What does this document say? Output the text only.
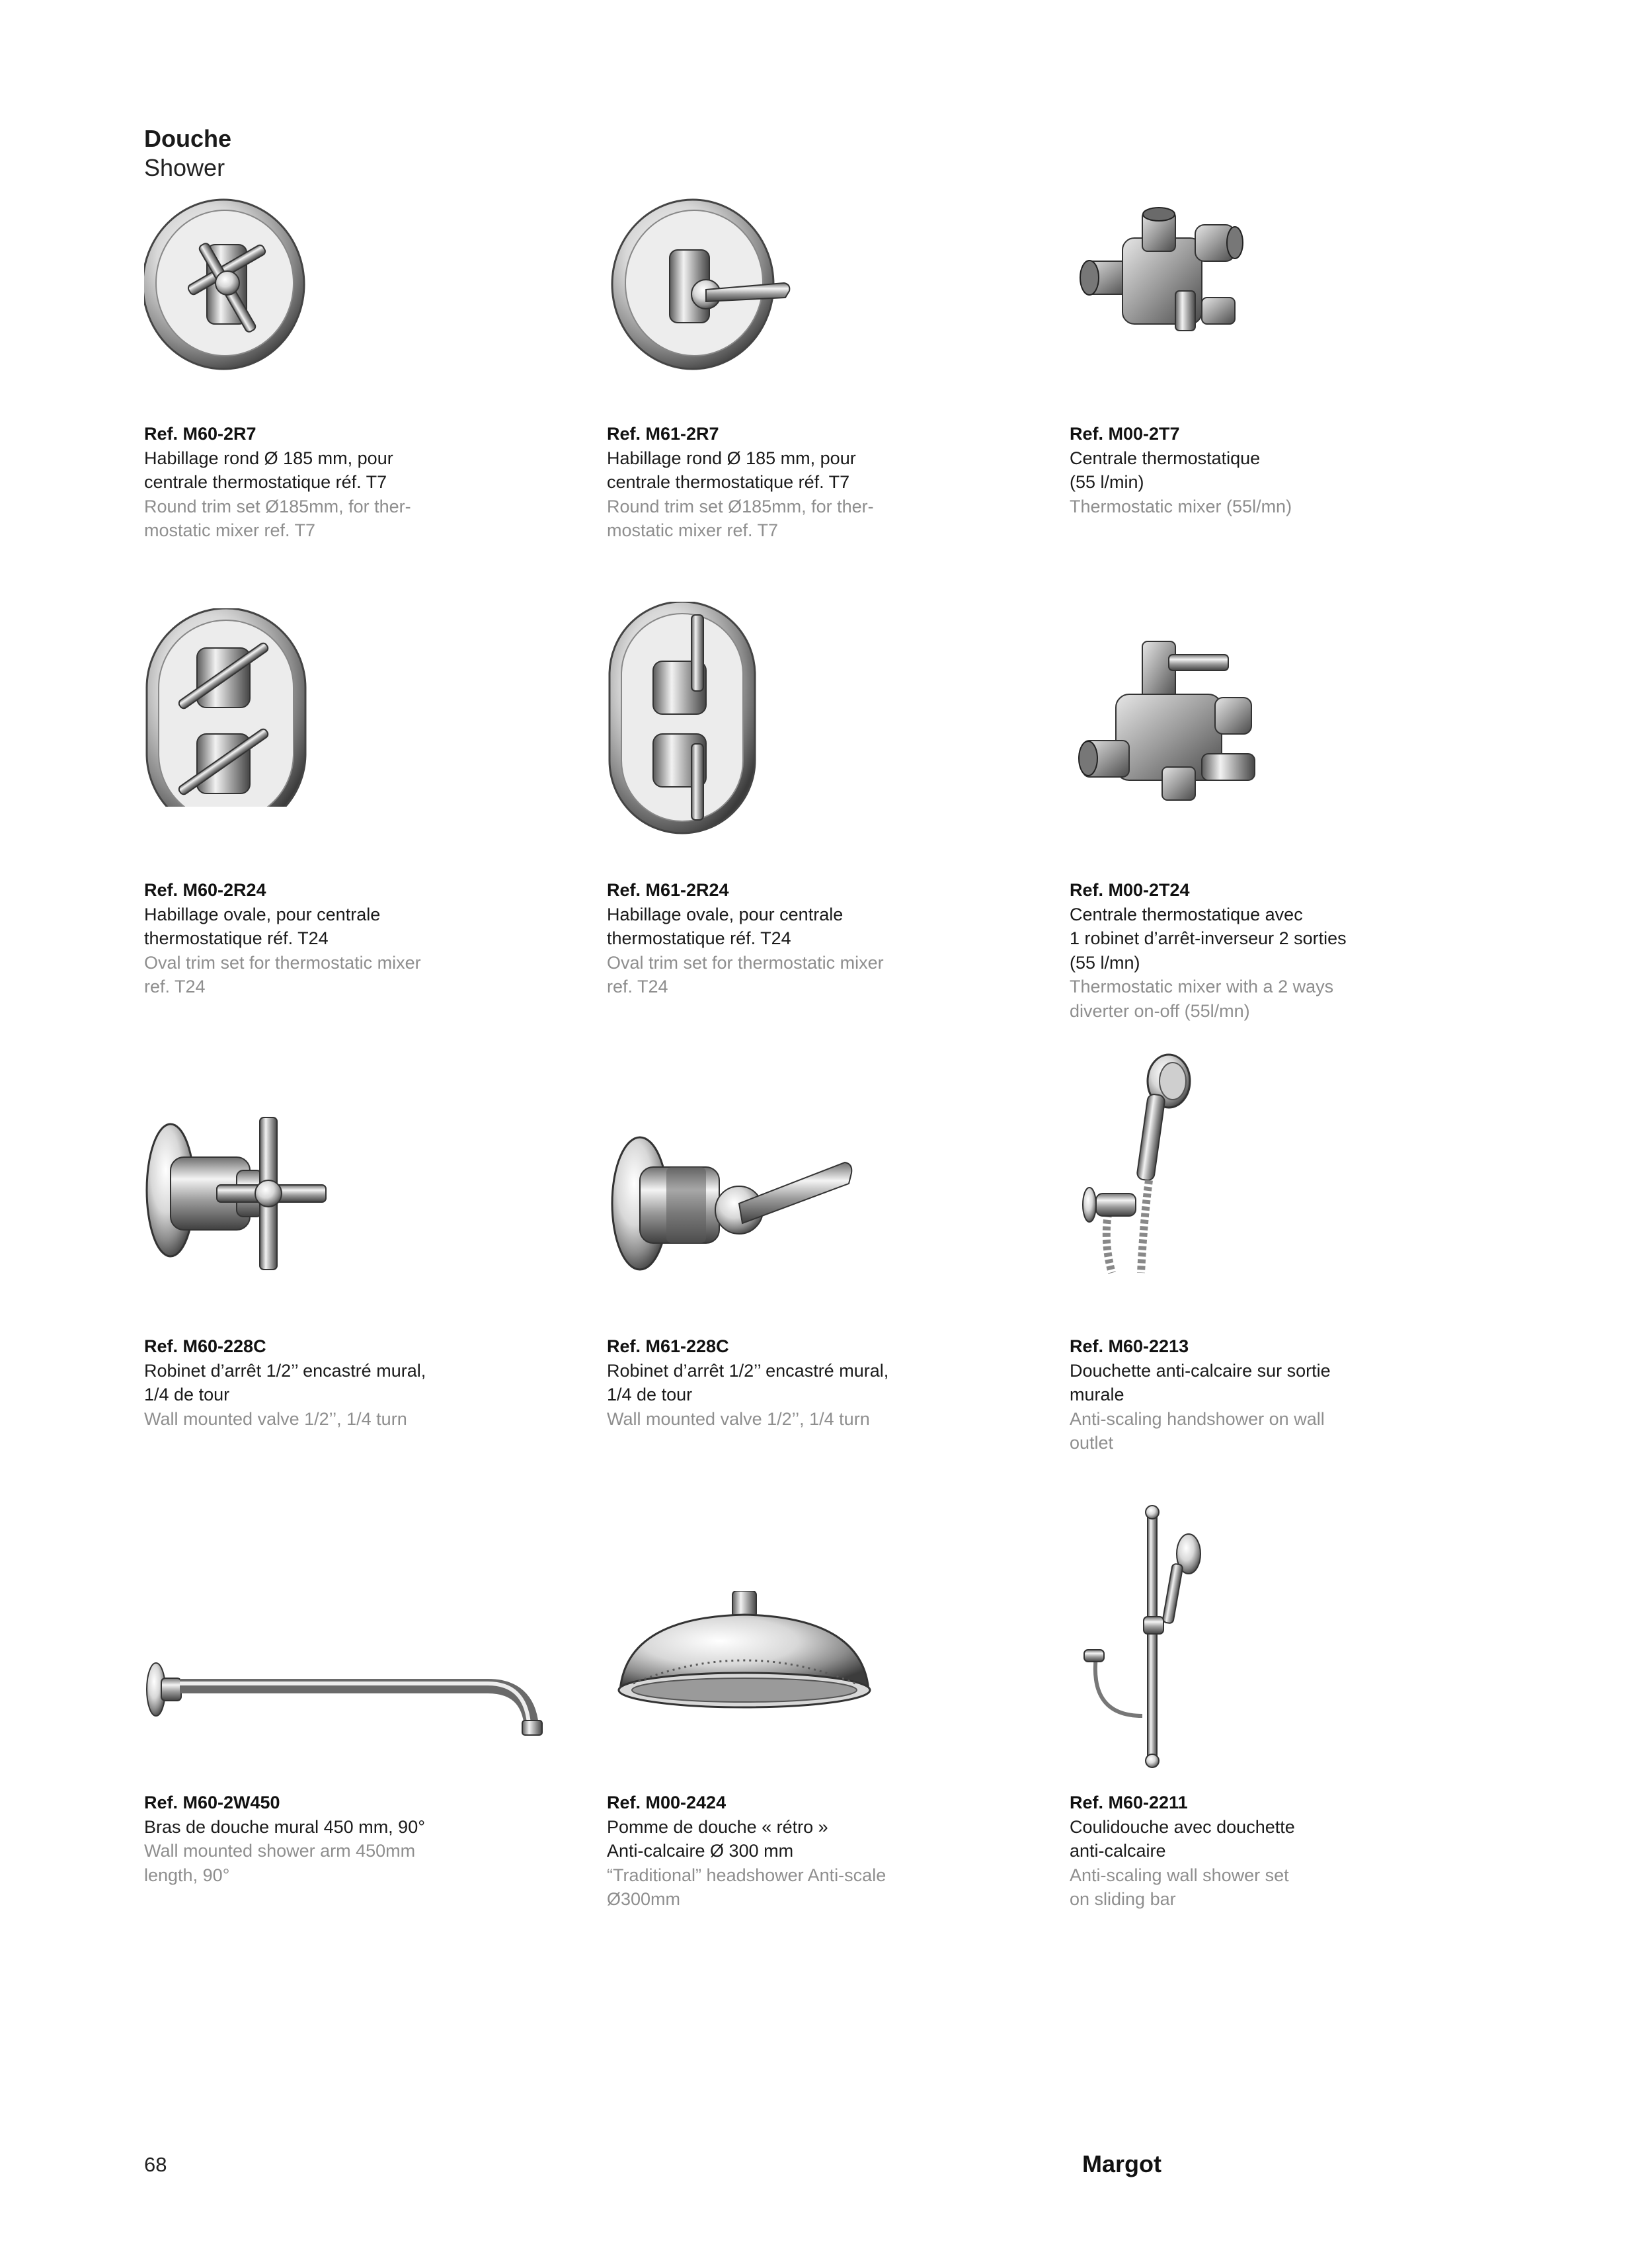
Douche
Shower
Ref. M60-2R7
Habillage rond Ø 185 mm, pour
centrale thermostatique réf. T7
Round trim set Ø185mm, for ther-
mostatic mixer ref. T7
Ref. M61-2R7
Habillage rond Ø 185 mm, pour
centrale thermostatique réf. T7
Round trim set Ø185mm, for ther-
mostatic mixer ref. T7
Ref. M00-2T7
Centrale thermostatique
(55 l/min)
Thermostatic mixer (55l/mn)
Ref. M60-2R24
Habillage ovale, pour centrale
thermostatique réf. T24
Oval trim set for thermostatic mixer
ref. T24
Ref. M61-2R24
Habillage ovale, pour centrale
thermostatique réf. T24
Oval trim set for thermostatic mixer
ref. T24
Ref. M00-2T24
Centrale thermostatique avec
1 robinet d’arrêt-inverseur 2 sorties
(55 l/mn)
Thermostatic mixer with a 2 ways
diverter on-off (55l/mn)
Ref. M60-228C
Robinet d’arrêt 1/2’’ encastré mural,
1/4 de tour
Wall mounted valve 1/2’’, 1/4 turn
Ref. M61-228C
Robinet d’arrêt 1/2’’ encastré mural,
1/4 de tour
Wall mounted valve 1/2’’, 1/4 turn
Ref. M60-2213
Douchette anti-calcaire sur sortie
murale
Anti-scaling handshower on wall
outlet
Ref. M60-2W450
Bras de douche mural 450 mm, 90°
Wall mounted shower arm 450mm
length, 90°
Ref. M00-2424
Pomme de douche « rétro »
Anti-calcaire Ø 300 mm
“Traditional” headshower Anti-scale
Ø300mm
Ref. M60-2211
Coulidouche avec douchette
anti-calcaire
Anti-scaling wall shower set
on sliding bar
68	Margot
